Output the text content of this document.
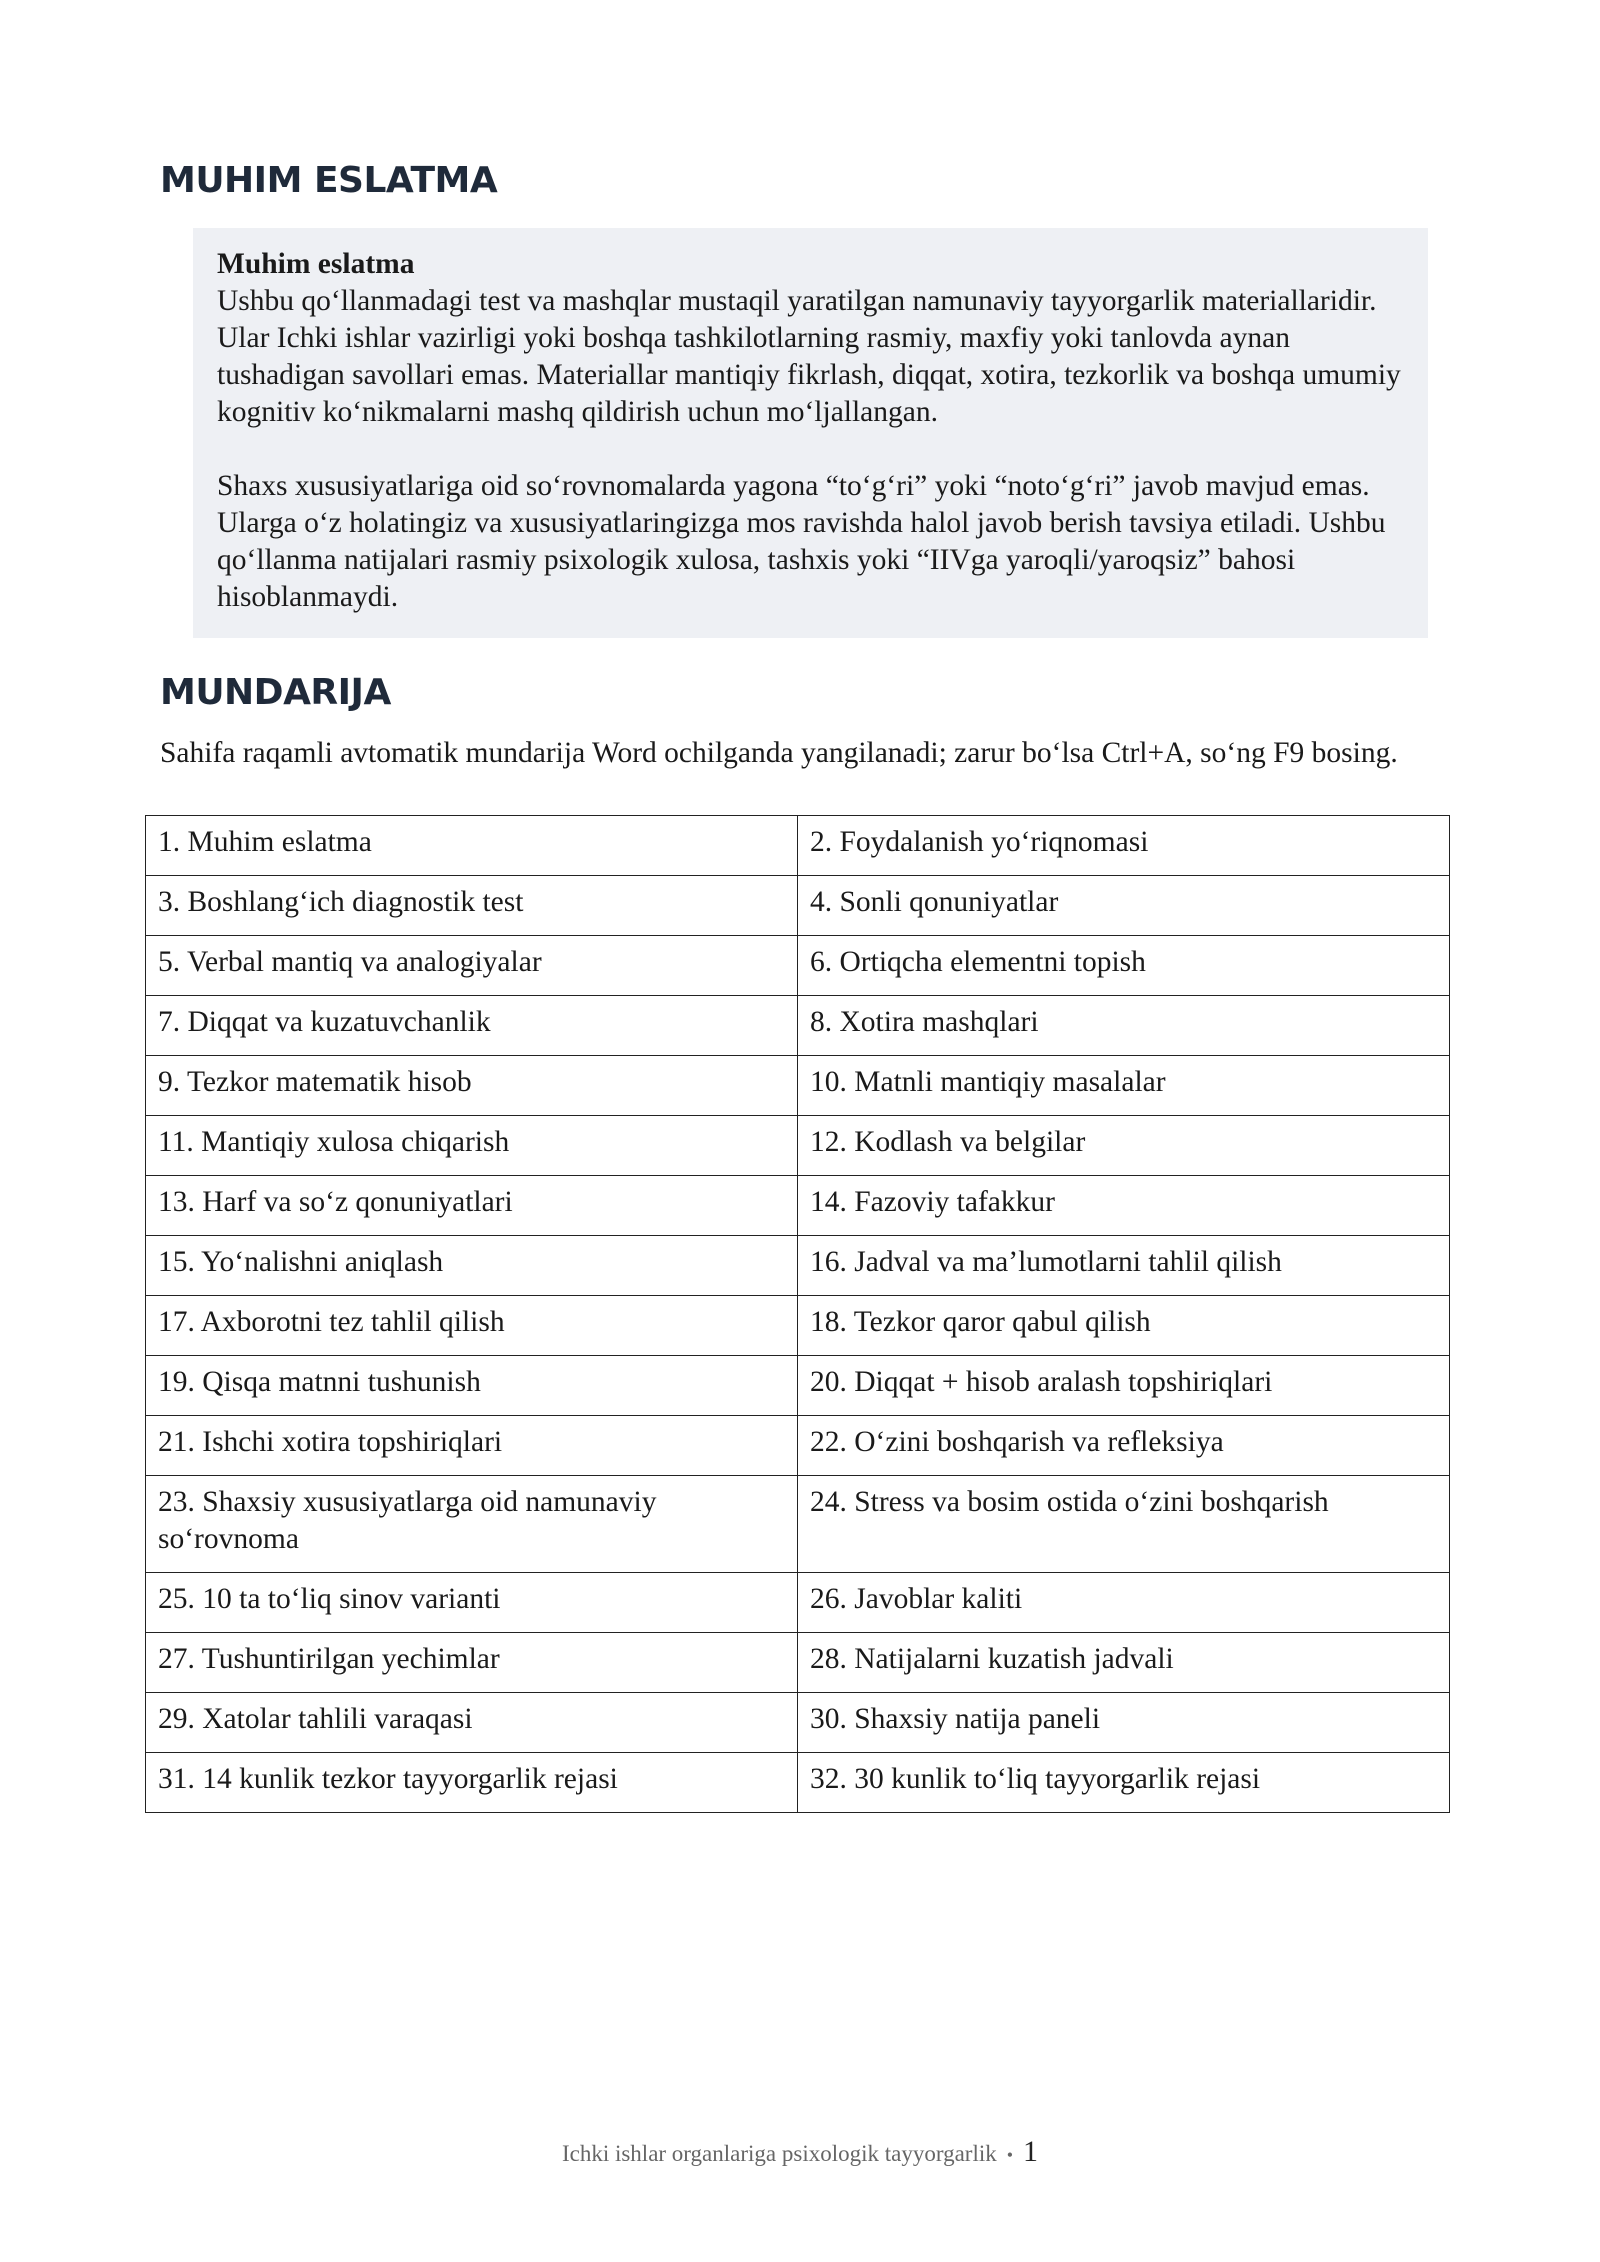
MUHIM ESLATMA

Muhim eslatma

Ushbu qo‘llanmadagi test va mashqlar mustaqil yaratilgan namunaviy tayyorgarlik materiallaridir. Ular Ichki ishlar vazirligi yoki boshqa tashkilotlarning rasmiy, maxfiy yoki tanlovda aynan tushadigan savollari emas. Materiallar mantiqiy fikrlash, diqqat, xotira, tezkorlik va boshqa umumiy kognitiv ko‘nikmalarni mashq qildirish uchun mo‘ljallangan.

Shaxs xususiyatlariga oid so‘rovnomalarda yagona “to‘g‘ri” yoki “noto‘g‘ri” javob mavjud emas. Ularga o‘z holatingiz va xususiyatlaringizga mos ravishda halol javob berish tavsiya etiladi. Ushbu qo‘llanma natijalari rasmiy psixologik xulosa, tashxis yoki “IIVga yaroqli/yaroqsiz” bahosi hisoblanmaydi.

MUNDARIJA

Sahifa raqamli avtomatik mundarija Word ochilganda yangilanadi; zarur bo‘lsa Ctrl+A, so‘ng F9 bosing.

1. Muhim eslatma	2. Foydalanish yo‘riqnomasi
3. Boshlang‘ich diagnostik test	4. Sonli qonuniyatlar
5. Verbal mantiq va analogiyalar	6. Ortiqcha elementni topish
7. Diqqat va kuzatuvchanlik	8. Xotira mashqlari
9. Tezkor matematik hisob	10. Matnli mantiqiy masalalar
11. Mantiqiy xulosa chiqarish	12. Kodlash va belgilar
13. Harf va so‘z qonuniyatlari	14. Fazoviy tafakkur
15. Yo‘nalishni aniqlash	16. Jadval va ma’lumotlarni tahlil qilish
17. Axborotni tez tahlil qilish	18. Tezkor qaror qabul qilish
19. Qisqa matnni tushunish	20. Diqqat + hisob aralash topshiriqlari
21. Ishchi xotira topshiriqlari	22. O‘zini boshqarish va refleksiya
23. Shaxsiy xususiyatlarga oid namunaviy so‘rovnoma	24. Stress va bosim ostida o‘zini boshqarish
25. 10 ta to‘liq sinov varianti	26. Javoblar kaliti
27. Tushuntirilgan yechimlar	28. Natijalarni kuzatish jadvali
29. Xatolar tahlili varaqasi	30. Shaxsiy natija paneli
31. 14 kunlik tezkor tayyorgarlik rejasi	32. 30 kunlik to‘liq tayyorgarlik rejasi
Ichki ishlar organlariga psixologik tayyorgarlik • 1
